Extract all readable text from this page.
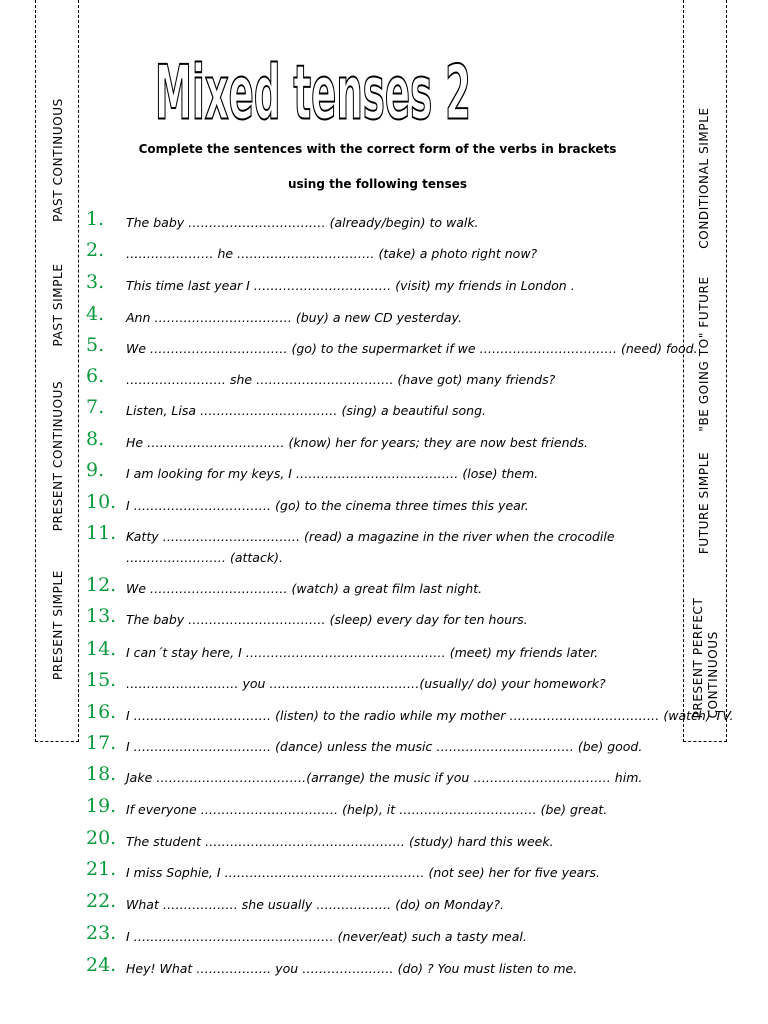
PAST CONTINUOUS
PAST SIMPLE
PRESENT CONTINUOUS
PRESENT SIMPLE
CONDITIONAL SIMPLE
"BE GOING TO" FUTURE
FUTURE SIMPLE
PRESENT PERFECT CONTINUOUS
Mixed tenses 2
Complete the sentences with the correct form of the verbs in brackets
using the following tenses
1. The baby …………………………… (already/begin) to walk.
2. ………………… he …………………………… (take) a photo right now?
3. This time last year I …………………………… (visit) my friends in London .
4. Ann …………………………… (buy) a new CD yesterday.
5. We …………………………… (go) to the supermarket if we …………………………… (need) food.
6. …………………… she …………………………… (have got) many friends?
7. Listen, Lisa …………………………… (sing) a beautiful song.
8. He …………………………… (know) her for years; they are now best friends.
9. I am looking for my keys, I ………………………………… (lose) them.
10. I …………………………… (go) to the cinema three times this year.
11. Katty …………………………… (read) a magazine in the river when the crocodile …………………… (attack).
12. We …………………………… (watch) a great film last night.
13. The baby …………………………… (sleep) every day for ten hours.
14. I can´t stay here, I ………………………………………… (meet) my friends later.
15. ……………………… you ………………………………(usually/ do) your homework?
16. I …………………………… (listen) to the radio while my mother ……………………………… (watch) TV.
17. I …………………………… (dance) unless the music …………………………… (be) good.
18. Jake ………………………………(arrange) the music if you …………………………… him.
19. If everyone …………………………… (help), it …………………………… (be) great.
20. The student ………………………………………… (study) hard this week.
21. I miss Sophie, I ………………………………………… (not see) her for five years.
22. What ……………… she usually ……………… (do) on Monday?.
23. I ………………………………………… (never/eat) such a tasty meal.
24. Hey! What ……………… you …………….…… (do) ? You must listen to me.
